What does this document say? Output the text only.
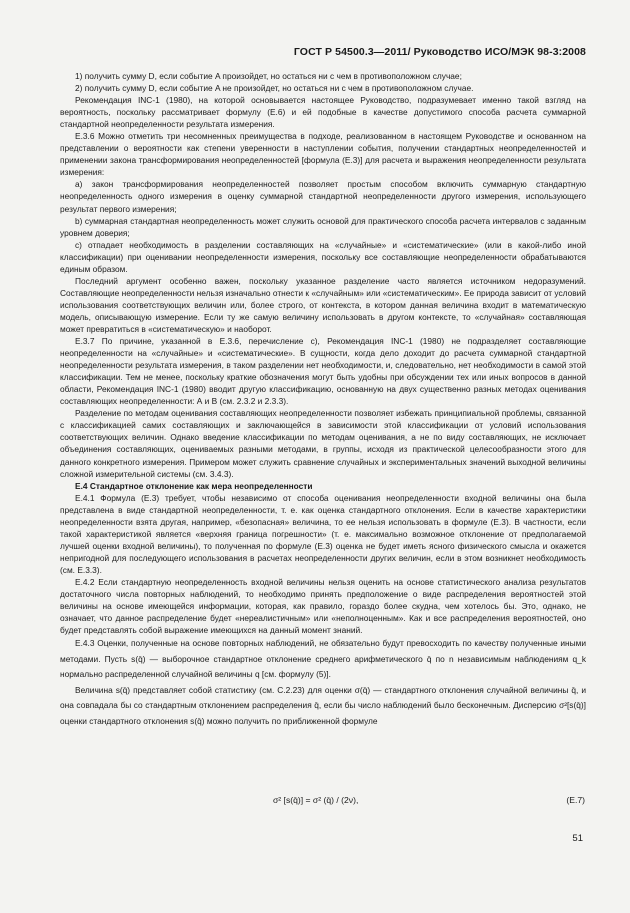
ГОСТ Р 54500.3—2011/ Руководство ИСО/МЭК 98-3:2008

1) получить сумму D, если событие A произойдет, но остаться ни с чем в противоположном случае;

2) получить сумму D, если событие A не произойдет, но остаться ни с чем в противоположном случае.

Рекомендация INC-1 (1980), на которой основывается настоящее Руководство, подразумевает именно такой взгляд на вероятность, поскольку рассматривает формулу (Е.6) и ей подобные в качестве допустимого способа расчета суммарной стандартной неопределенности результата измерения.

Е.3.6 Можно отметить три несомненных преимущества в подходе, реализованном в настоящем Руководстве и основанном на представлении о вероятности как степени уверенности в наступлении события, получении стандартных неопределенностей и применении закона трансформирования неопределенностей [формула (Е.3)] для расчета и выражения неопределенности результата измерения:

a) закон трансформирования неопределенностей позволяет простым способом включить суммарную стандартную неопределенность одного измерения в оценку суммарной стандартной неопределенности другого измерения, использующего результат первого измерения;

b) суммарная стандартная неопределенность может служить основой для практического способа расчета интервалов с заданным уровнем доверия;

c) отпадает необходимость в разделении составляющих на «случайные» и «систематические» (или в какой-либо иной классификации) при оценивании неопределенности измерения, поскольку все составляющие неопределенности обрабатываются единым образом.

Последний аргумент особенно важен, поскольку указанное разделение часто является источником недоразумений. Составляющие неопределенности нельзя изначально отнести к «случайным» или «систематическим». Ее природа зависит от условий использования соответствующих величин или, более строго, от контекста, в котором данная величина входит в математическую модель, описывающую измерение. Если ту же самую величину использовать в другом контексте, то «случайная» составляющая может превратиться в «систематическую» и наоборот.

Е.3.7 По причине, указанной в Е.3.6, перечисление c), Рекомендация INC-1 (1980) не подразделяет составляющие неопределенности на «случайные» и «систематические». В сущности, когда дело доходит до расчета суммарной стандартной неопределенности результата измерения, в таком разделении нет необходимости, и, следовательно, нет необходимости в самой этой классификации. Тем не менее, поскольку краткие обозначения могут быть удобны при обсуждении тех или иных вопросов в данной области, Рекомендация INC-1 (1980) вводит другую классификацию, основанную на двух существенно разных методах оценивания составляющих неопределенности: А и В (см. 2.3.2 и 2.3.3).

Разделение по методам оценивания составляющих неопределенности позволяет избежать принципиальной проблемы, связанной с классификацией самих составляющих и заключающейся в зависимости этой классификации от условий использования соответствующих величин. Однако введение классификации по методам оценивания, а не по виду составляющих, не исключает объединения составляющих, оцениваемых разными методами, в группы, исходя из практической целесообразности этого для данного конкретного измерения. Примером может служить сравнение случайных и экспериментальных значений выходной величины сложной измерительной системы (см. 3.4.3).

Е.4 Стандартное отклонение как мера неопределенности

Е.4.1 Формула (Е.3) требует, чтобы независимо от способа оценивания неопределенности входной величины она была представлена в виде стандартной неопределенности, т. е. как оценка стандартного отклонения. Если в качестве характеристики неопределенности взята другая, например, «безопасная» величина, то ее нельзя использовать в формуле (Е.3). В частности, если такой характеристикой является «верхняя граница погрешности» (т. е. максимально возможное отклонение от предполагаемой лучшей оценки входной величины), то полученная по формуле (Е.3) оценка не будет иметь ясного физического смысла и окажется непригодной для последующего использования в расчетах неопределенности других величин, если в этом возникнет необходимость (см. Е.3.3).

Е.4.2 Если стандартную неопределенность входной величины нельзя оценить на основе статистического анализа результатов достаточного числа повторных наблюдений, то необходимо принять предположение о виде распределения вероятностей этой величины на основе имеющейся информации, которая, как правило, гораздо более скудна, чем хотелось бы. Это, однако, не означает, что данное распределение будет «нереалистичным» или «неполноценным». Как и все распределения вероятностей, оно будет представлять собой выражение имеющихся на данный момент знаний.

Е.4.3 Оценки, полученные на основе повторных наблюдений, не обязательно будут превосходить по качеству полученные иными методами. Пусть s(q̄) — выборочное стандартное отклонение среднего арифметического q̄ по n независимым наблюдениям q_k нормально распределенной случайной величины q [см. формулу (5)].

Величина s(q̄) представляет собой статистику (см. С.2.23) для оценки σ(q̄) — стандартного отклонения случайной величины q̄, и она совпадала бы со стандартным отклонением распределения q̄, если бы число наблюдений было бесконечным. Дисперсию σ²[s(q̄)] оценки стандартного отклонения s(q̄) можно получить по приближенной формуле

σ² [s(q̄)] = σ² (q̄) / (2ν),	(Е.7)
51
